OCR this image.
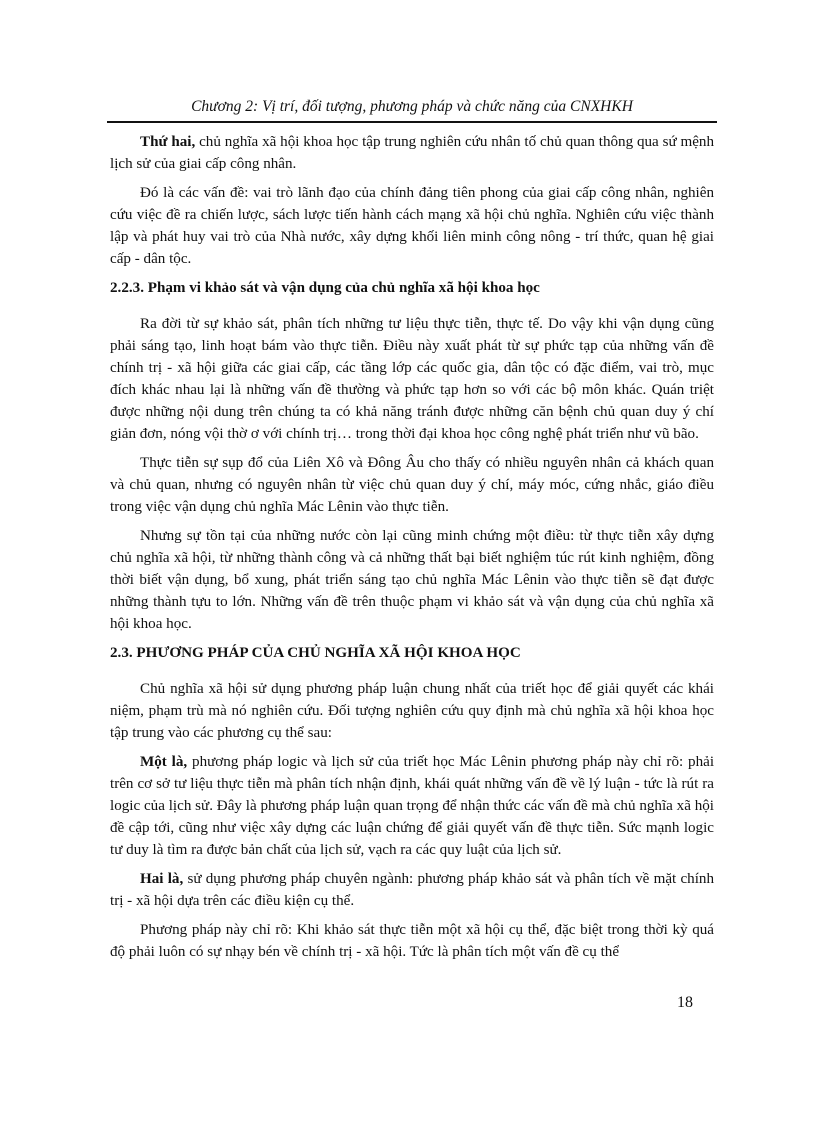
Chương 2: Vị trí, đối tượng, phương pháp và chức năng của CNXHKH

Thứ hai, chủ nghĩa xã hội khoa học tập trung nghiên cứu nhân tố chủ quan thông qua sứ mệnh lịch sử của giai cấp công nhân.

Đó là các vấn đề: vai trò lãnh đạo của chính đảng tiên phong của giai cấp công nhân, nghiên cứu việc đề ra chiến lược, sách lược tiến hành cách mạng xã hội chủ nghĩa. Nghiên cứu việc thành lập và phát huy vai trò của Nhà nước, xây dựng khối liên minh công nông - trí thức, quan hệ giai cấp - dân tộc.

2.2.3. Phạm vi khảo sát và vận dụng của chủ nghĩa xã hội khoa học

Ra đời từ sự khảo sát, phân tích những tư liệu thực tiễn, thực tế. Do vậy khi vận dụng cũng phải sáng tạo, linh hoạt bám vào thực tiễn. Điều này xuất phát từ sự phức tạp của những vấn đề chính trị - xã hội giữa các giai cấp, các tầng lớp các quốc gia, dân tộc có đặc điểm, vai trò, mục đích khác nhau lại là những vấn đề thường và phức tạp hơn so với các bộ môn khác. Quán triệt được những nội dung trên chúng ta có khả năng tránh được những căn bệnh chủ quan duy ý chí giản đơn, nóng vội thờ ơ với chính trị… trong thời đại khoa học công nghệ phát triển như vũ bão.

Thực tiễn sự sụp đổ của Liên Xô và Đông Âu cho thấy có nhiều nguyên nhân cả khách quan và chủ quan, nhưng có nguyên nhân từ việc chủ quan duy ý chí, máy móc, cứng nhắc, giáo điều trong việc vận dụng chủ nghĩa Mác Lênin vào thực tiễn.

Nhưng sự tồn tại của những nước còn lại cũng minh chứng một điều: từ thực tiễn xây dựng chủ nghĩa xã hội, từ những thành công và cả những thất bại biết nghiệm túc rút kinh nghiệm, đồng thời biết vận dụng, bổ xung, phát triển sáng tạo chủ nghĩa Mác Lênin vào thực tiễn sẽ đạt được những thành tựu to lớn. Những vấn đề trên thuộc phạm vi khảo sát và vận dụng của chủ nghĩa xã hội khoa học.

2.3. PHƯƠNG PHÁP CỦA CHỦ NGHĨA XÃ HỘI KHOA HỌC

Chủ nghĩa xã hội sử dụng phương pháp luận chung nhất của triết học để giải quyết các khái niệm, phạm trù mà nó nghiên cứu. Đối tượng nghiên cứu quy định mà chủ nghĩa xã hội khoa học tập trung vào các phương cụ thể sau:

Một là, phương pháp logic và lịch sử của triết học Mác Lênin phương pháp này chỉ rõ: phải trên cơ sở tư liệu thực tiễn mà phân tích nhận định, khái quát những vấn đề về lý luận - tức là rút ra logic của lịch sử. Đây là phương pháp luận quan trọng để nhận thức các vấn đề mà chủ nghĩa xã hội đề cập tới, cũng như việc xây dựng các luận chứng để giải quyết vấn đề thực tiễn. Sức mạnh logic tư duy là tìm ra được bản chất của lịch sử, vạch ra các quy luật của lịch sử.

Hai là, sử dụng phương pháp chuyên ngành: phương pháp khảo sát và phân tích về mặt chính trị - xã hội dựa trên các điều kiện cụ thể.

Phương pháp này chỉ rõ: Khi khảo sát thực tiễn một xã hội cụ thể, đặc biệt trong thời kỳ quá độ phải luôn có sự nhạy bén về chính trị - xã hội. Tức là phân tích một vấn đề cụ thể

18
